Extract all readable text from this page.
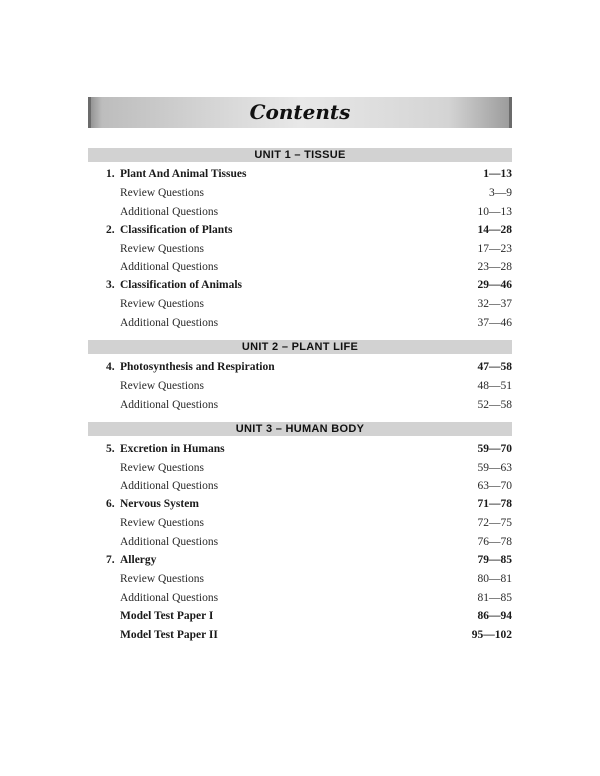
Contents
UNIT 1 – TISSUE
1. Plant And Animal Tissues	1—13
Review Questions	3—9
Additional Questions	10—13
2. Classification of Plants	14—28
Review Questions	17—23
Additional Questions	23—28
3. Classification of Animals	29—46
Review Questions	32—37
Additional Questions	37—46
UNIT 2 – PLANT LIFE
4. Photosynthesis and Respiration	47—58
Review Questions	48—51
Additional Questions	52—58
UNIT 3 – HUMAN BODY
5. Excretion in Humans	59—70
Review Questions	59—63
Additional Questions	63—70
6. Nervous System	71—78
Review Questions	72—75
Additional Questions	76—78
7. Allergy	79—85
Review Questions	80—81
Additional Questions	81—85
Model Test Paper I	86—94
Model Test Paper II	95—102
